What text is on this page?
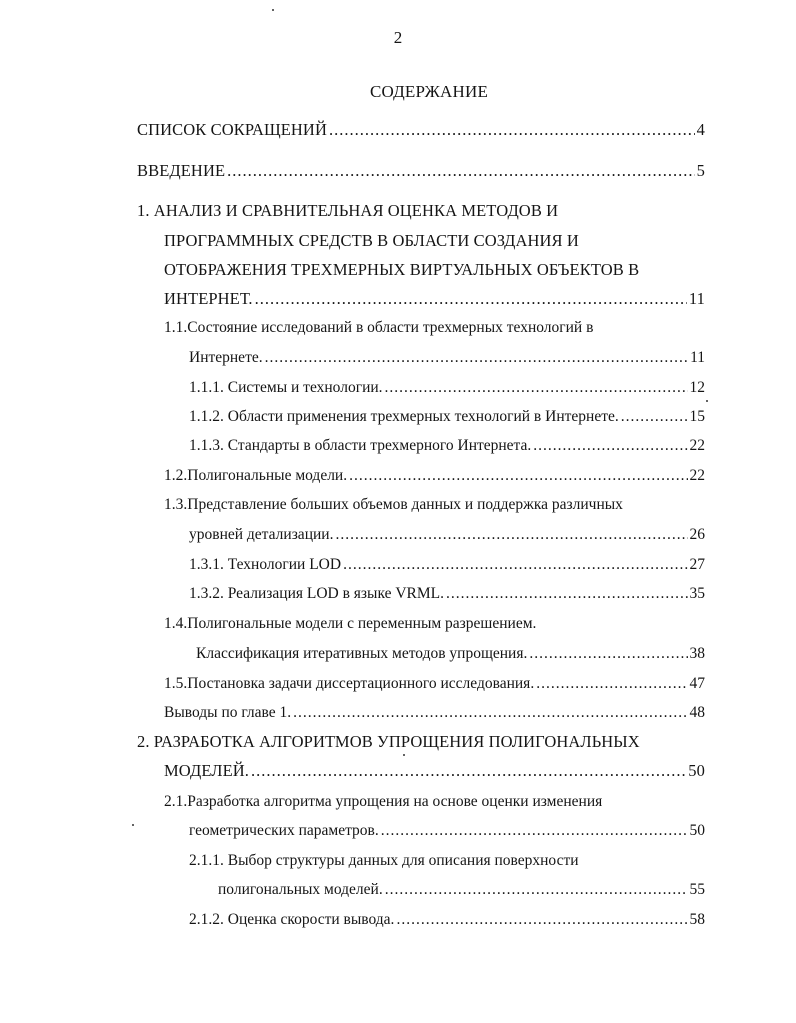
2
СОДЕРЖАНИЕ
СПИСОК СОКРАЩЕНИЙ .....	4
ВВЕДЕНИЕ .....	5
1. АНАЛИЗ И СРАВНИТЕЛЬНАЯ ОЦЕНКА МЕТОДОВ И
ПРОГРАММНЫХ СРЕДСТВ В ОБЛАСТИ СОЗДАНИЯ И
ОТОБРАЖЕНИЯ ТРЕХМЕРНЫХ ВИРТУАЛЬНЫХ ОБЪЕКТОВ В
ИНТЕРНЕТ. .....	11
1.1.Состояние исследований в области трехмерных технологий в
Интернете. .....	11
1.1.1. Системы и технологии. .....	12
1.1.2. Области применения трехмерных технологий в Интернете. .....	15
1.1.3. Стандарты в области трехмерного Интернета. .....	22
1.2.Полигональные модели. .....	22
1.3.Представление больших объемов данных и поддержка различных
уровней детализации. .....	26
1.3.1. Технологии LOD .....	27
1.3.2. Реализация LOD в языке VRML. .....	35
1.4.Полигональные модели с переменным разрешением.
Классификация итеративных методов упрощения. .....	38
1.5.Постановка задачи диссертационного исследования. .....	47
Выводы по главе 1. .....	48
2. РАЗРАБОТКА АЛГОРИТМОВ УПРОЩЕНИЯ ПОЛИГОНАЛЬНЫХ
МОДЕЛЕЙ. .....	50
2.1.Разработка алгоритма упрощения на основе оценки изменения
геометрических параметров. .....	50
2.1.1. Выбор структуры данных для описания поверхности
полигональных моделей. .....	55
2.1.2. Оценка скорости вывода. .....	58
